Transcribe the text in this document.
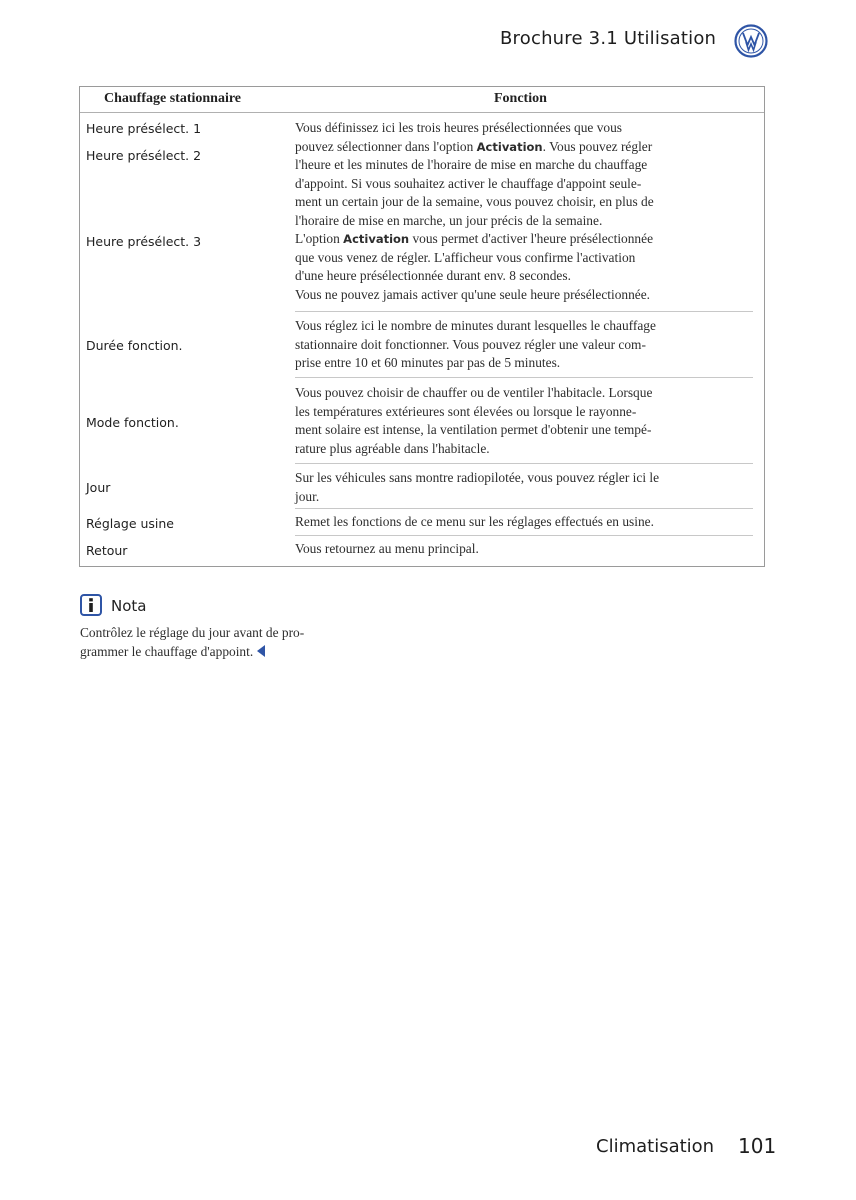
Brochure 3.1 Utilisation
Chauffage stationnaire	Fonction
Heure présélect. 1
Heure présélect. 2
Heure présélect. 3
Durée fonction.
Mode fonction.
Jour
Réglage usine
Retour

Vous définissez ici les trois heures présélectionnées que vous

pouvez sélectionner dans l'option Activation. Vous pouvez régler

l'heure et les minutes de l'horaire de mise en marche du chauffage

d'appoint. Si vous souhaitez activer le chauffage d'appoint seule-

ment un certain jour de la semaine, vous pouvez choisir, en plus de

l'horaire de mise en marche, un jour précis de la semaine.

L'option Activation vous permet d'activer l'heure présélectionnée

que vous venez de régler. L'afficheur vous confirme l'activation

d'une heure présélectionnée durant env. 8 secondes.

Vous ne pouvez jamais activer qu'une seule heure présélectionnée.

Vous réglez ici le nombre de minutes durant lesquelles le chauffage

stationnaire doit fonctionner. Vous pouvez régler une valeur com-

prise entre 10 et 60 minutes par pas de 5 minutes.

Vous pouvez choisir de chauffer ou de ventiler l'habitacle. Lorsque

les températures extérieures sont élevées ou lorsque le rayonne-

ment solaire est intense, la ventilation permet d'obtenir une tempé-

rature plus agréable dans l'habitacle.

Sur les véhicules sans montre radiopilotée, vous pouvez régler ici le

jour.

Remet les fonctions de ce menu sur les réglages effectués en usine.

Vous retournez au menu principal.

Nota

Contrôlez le réglage du jour avant de pro-

grammer le chauffage d'appoint.

Climatisation 101
